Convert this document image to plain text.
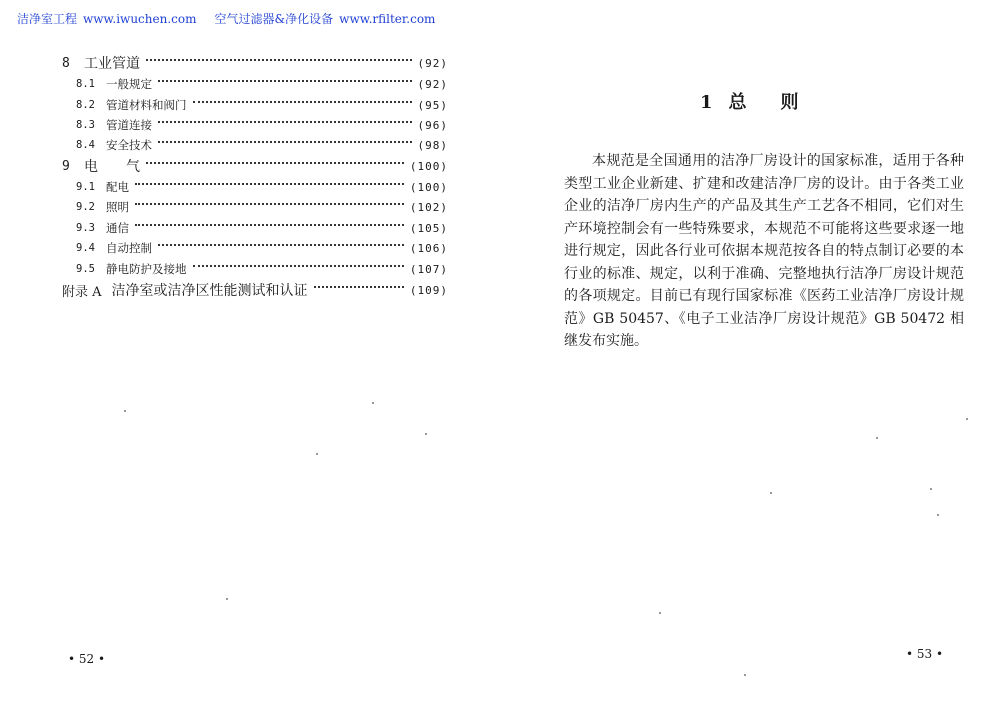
洁净室工程 www.iwuchen.com 空气过滤器&净化设备 www.rfilter.com
8	工业管道	(92)
8.1 一般规定	(92)
8.2 管道材料和阀门	(95)
8.3 管道连接	(96)
8.4 安全技术	(98)
9	电　　气	(100)
9.1 配电	(100)
9.2 照明	(102)
9.3 通信	(105)
9.4 自动控制	(106)
9.5 静电防护及接地	(107)
附录 A 洁净室或洁净区性能测试和认证	(109)
1 总 则
本规范是全国通用的洁净厂房设计的国家标准，适用于各种类型工业企业新建、扩建和改建洁净厂房的设计。由于各类工业企业的洁净厂房内生产的产品及其生产工艺各不相同，它们对生产环境控制会有一些特殊要求，本规范不可能将这些要求逐一地进行规定，因此各行业可依据本规范按各自的特点制订必要的本行业的标准、规定，以利于准确、完整地执行洁净厂房设计规范的各项规定。目前已有现行国家标准《医药工业洁净厂房设计规范》GB 50457、《电子工业洁净厂房设计规范》GB 50472 相继发布实施。
• 52 •	• 53 •
